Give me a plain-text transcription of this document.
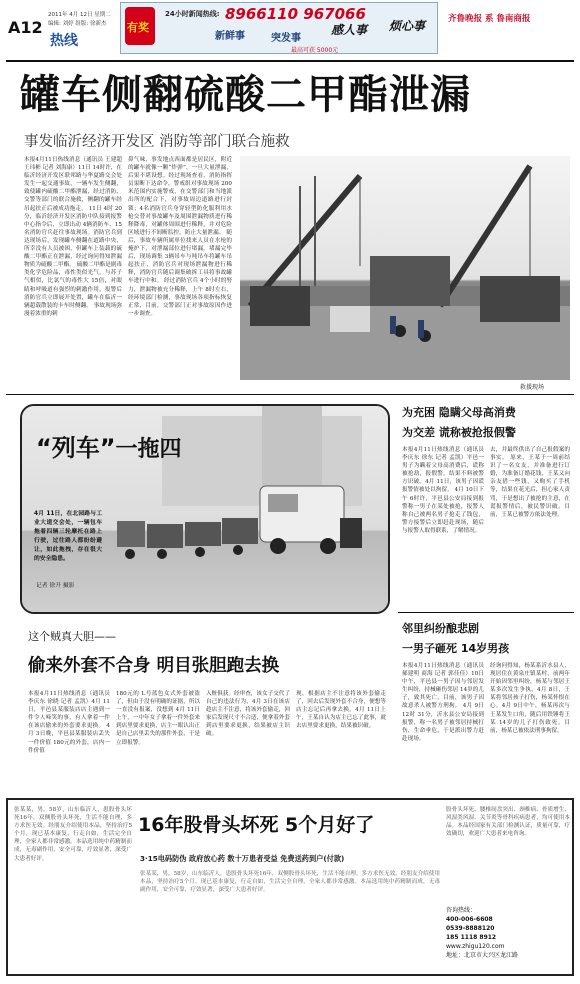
A12
2011年 4月 12日 星期二
编辑: 刘婷 组版: 徐新杰
热线
有奖
24小时新闻热线: 8966110 967066
新鲜事	突发事
感人事 烦心事
最高可获 5000元
齐鲁晚报 系 鲁南商报
罐车侧翻硫酸二甲酯泄漏
事发临沂经济开发区 消防等部门联合施救
本报4月11日热线消息（通讯员 王建超 王玮彬 记者 刘海康）11日 14时许，在临沂经济开发区联邦路与华夏路交会处发生一起交通事故，一辆车发生侧翻，致使罐内硫酸二甲酯泄漏，经过消防、交警等部门的联合施救，侧翻的罐车经吊起扶正后被成功拖走。 11日 4时 20分，临沂经济开发区消防中队接到报警中心指令后，立即出动 4辆消防车、15名消防官兵赶往事故现场。消防官兵到达现场后，发现罐车侧翻在道路中央，所幸没有人员被困，但罐车上装载的硫酸二甲酯正在泄漏，经过询问得知泄漏物质为硫酸二甲酯。 硫酸二甲酯是剧毒类化学危险品，毒性类似光气，与苏子气相似，比氯气的毒性大 15倍，对眼睛和呼吸道有强烈的刺激作用，报警后消防官兵立即展开处置，罐车在临沂一辆超载散装的卡车时侧翻。 事故现场弥漫着浓重的刺
鼻气味，事发地点西面都是居民区，附近的罐车就像一颗“炸弹”，一旦大量泄漏，后果不堪设想。经过现场查看，消防指挥员果断下达命令，警戒组对事故现场 200米范围内实施警戒，在交警部门和当地派出所的配合下，对事故周边道路进行封锁；4名消防官兵身穿轻型防化服利用水枪交替对事故罐车及周围泄漏物质进行稀释降毒，对罐体周围进行稀释，并对危险区域进行不间断监控，防止大量泄漏。 随后，事故车辆所属单位找来人员在水枪的掩护下，对泄漏部位进行堵漏。堵漏完毕后，现场调集 3辆吊车与吨吊车将罐车吊起扶正，消防官兵对现场泄漏物进行稀释，消防官兵随后调集破拆工具将事故罐车进行中和。 经过消防官兵 4个小时的努力，泄漏物被充分稀释，上午 8时左右，经环境部门检测，事故现场各项指标恢复正常，目前，交警部门正对事故原因作进一步调查。
救援现场
“列车”一拖四
4月 11日，在北园路与工业大道交会处，一辆包车拖着四辆三轮摩托在路上行驶，过往路人都纷纷避让，如此拖拽，存在很大的安全隐患。
记者 徐升 摄影
为充困 隐瞒父母高消费
为交差 谎称被抢报假警
本报4月11日热线消息（通讯员 李庆东 徐东 记者 孟凯）平邑一男子为瞒着父母高消费后，谎称被抢劫，报假警，结果不料被警方识破。4月 11日，该男子因谎报警情被处以拘留。 4月 10日下午 6时许，平邑县公安局接到报警称一男子在某处被抢，报警人称自己被两名男子抢走了钱包，警方接警后立即赶赴现场，随后与报警人取得联系，了解情况。
去，并最终供出了自己报假案的事实。 原来，王某于一周前结识了一名女友，并准备进行订婚，为准备订婚花钱，王某又向亲友借一些钱，又购买了手机等，结果在花光后，担心家人责骂，于是想出了被抢的主意，在谎报警情后，被民警识破。目前，王某已被警方依法处理。
这个贼真大胆——
偷来外套不合身 明目张胆跑去换
本报4月11日热线消息（通讯员 李庆东 徐晓 记者 孟凯）4月 11日，平邑县某服装店店主遇到一件令人啼笑的事，有人拿着一件在该店偷来的外套要求更换。 4月 3日晚，平邑县某服装店丢失一件价值 180元的外套，店内一件价值
180元的 L号蓝色女式外套被盗了，但由于没有明确的证据，所以一直没有报案，没想到 4月 11日上午，一中年女子拿着一件外套来到店里要求更换，店主一眼认出正是自己店里丢失的那件外套，于是立即报警。
入赃俱获。经审查，该女子交代了自己的违法行为，4月 3日在该店趁店主不注意，将该外套偷走，回家后发现尺寸不合适，便拿着外套到店里要求更换，结果被店主识破。
现，根据店主不注意将该外套偷走了，回去后发现外套不合身，便想等店主忘记后再拿去换。4月 11日上午，王某自认为店主已忘了此事，就去店里要求更换，结果被识破。
邻里纠纷酿悲剧
一男子砸死 14岁男孩
本报4月11日热线消息（通讯员 郝建明 商海 记者 郭佳佳）10日中午，平邑县一男子因与邻居发生纠纷，持械砸伤邻居 14岁的儿子，致其死亡，目前，该男子因故意杀人被警方刑拘。 4月 9日 12时 31分，沂水县公安局接到报警，称一名男子被邻居持械打伤，生命垂危，于是派出警力赶赴现场。
经询问得知，杨某系沂水县人，现居住在黄泉庄镇某村，前两年开始因邻里纠纷，杨某与邻居王某多次发生争执，4月 8日，王某将邻居孩子打伤，杨某怀恨在心。4月 9日中午，杨某再次与王某发生口角，随后用铁锤将王某 14岁的儿子打伤致死。目前，杨某已被依法刑事拘留。
张某某，男，58岁，山东临沂人，患股骨头坏死16年，双侧股骨头坏死，生活不能自理，多方求医无效。经朋友介绍使用本品，坚持治疗5个月，现已基本康复，行走自如，生活完全自理，全家人都非常感激。本品选用纯中药精制而成，无毒副作用，安全可靠，疗效显著，深受广大患者好评。
16年股骨头坏死 5个月好了
3·15电码防伪 政府放心药 数十万患者受益 免费送药到户(付款)
张某某，男，58岁，山东临沂人，患股骨头坏死16年，双侧股骨头坏死，生活不能自理，多方求医无效。经朋友介绍使用本品，坚持治疗5个月，现已基本康复，行走自如，生活完全自理，全家人都非常感激。本品选用纯中药精制而成，无毒副作用，安全可靠，疗效显著，深受广大患者好评。
股骨头坏死、腰椎间盘突出、颈椎病、骨质增生、风湿类风湿、关节炎等骨科疾病患者，均可使用本品。本品经国家有关部门检测认证，质量可靠，疗效确切，欢迎广大患者来电咨询。
咨询热线：
400-006-6608
0539-8888120
185 1118 8912
www.zhigu120.com
地址：北京市大兴区龙江路
